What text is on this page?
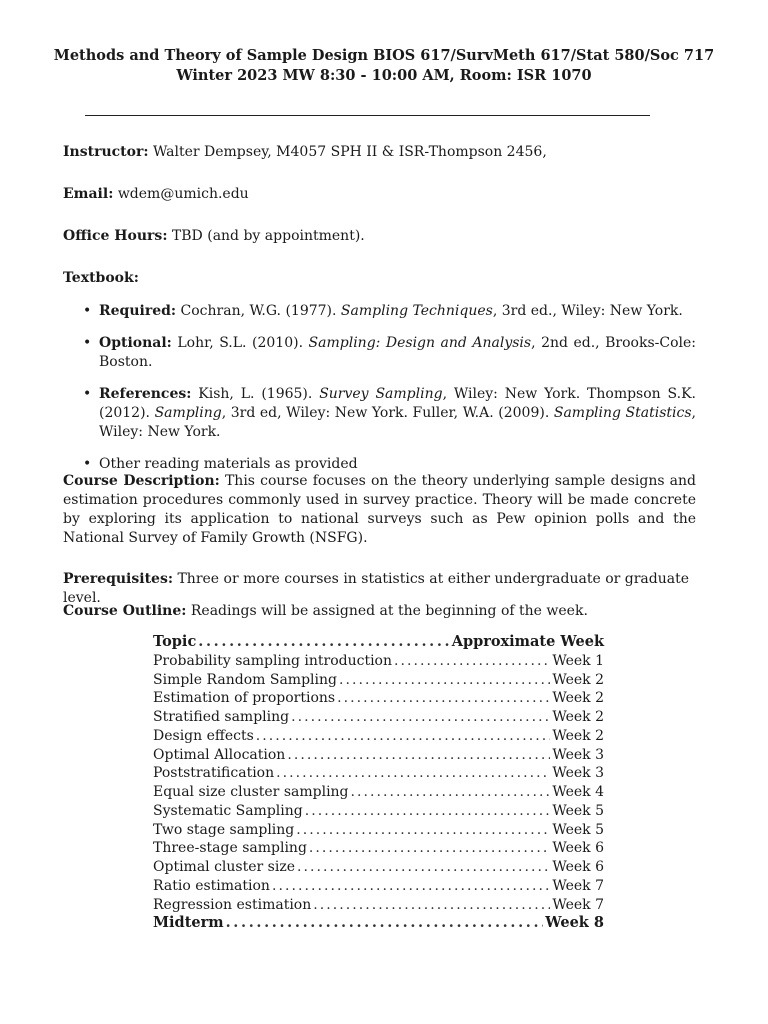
Methods and Theory of Sample Design BIOS 617/SurvMeth 617/Stat 580/Soc 717
Winter 2023 MW 8:30 - 10:00 AM, Room: ISR 1070
Instructor: Walter Dempsey, M4057 SPH II & ISR-Thompson 2456,
Email: wdem@umich.edu
Office Hours: TBD (and by appointment).
Textbook:
• Required: Cochran, W.G. (1977). Sampling Techniques, 3rd ed., Wiley: New York.
• Optional: Lohr, S.L. (2010). Sampling: Design and Analysis, 2nd ed., Brooks-Cole: Boston.
• References: Kish, L. (1965). Survey Sampling, Wiley: New York. Thompson S.K. (2012). Sampling, 3rd ed, Wiley: New York. Fuller, W.A. (2009). Sampling Statistics, Wiley: New York.
• Other reading materials as provided
Course Description: This course focuses on the theory underlying sample designs and estimation procedures commonly used in survey practice. Theory will be made concrete by exploring its application to national surveys such as Pew opinion polls and the National Survey of Family Growth (NSFG).
Prerequisites: Three or more courses in statistics at either undergraduate or graduate level.
Course Outline: Readings will be assigned at the beginning of the week.
Topic . . .	Approximate Week
Probability sampling introduction . . .	Week 1
Simple Random Sampling . . .	Week 2
Estimation of proportions . . .	Week 2
Stratified sampling . . .	Week 2
Design effects . . .	Week 2
Optimal Allocation . . .	Week 3
Poststratification . . .	Week 3
Equal size cluster sampling . . .	Week 4
Systematic Sampling . . .	Week 5
Two stage sampling . . .	Week 5
Three-stage sampling . . .	Week 6
Optimal cluster size . . .	Week 6
Ratio estimation . . .	Week 7
Regression estimation . . .	Week 7
Midterm . . .	Week 8
